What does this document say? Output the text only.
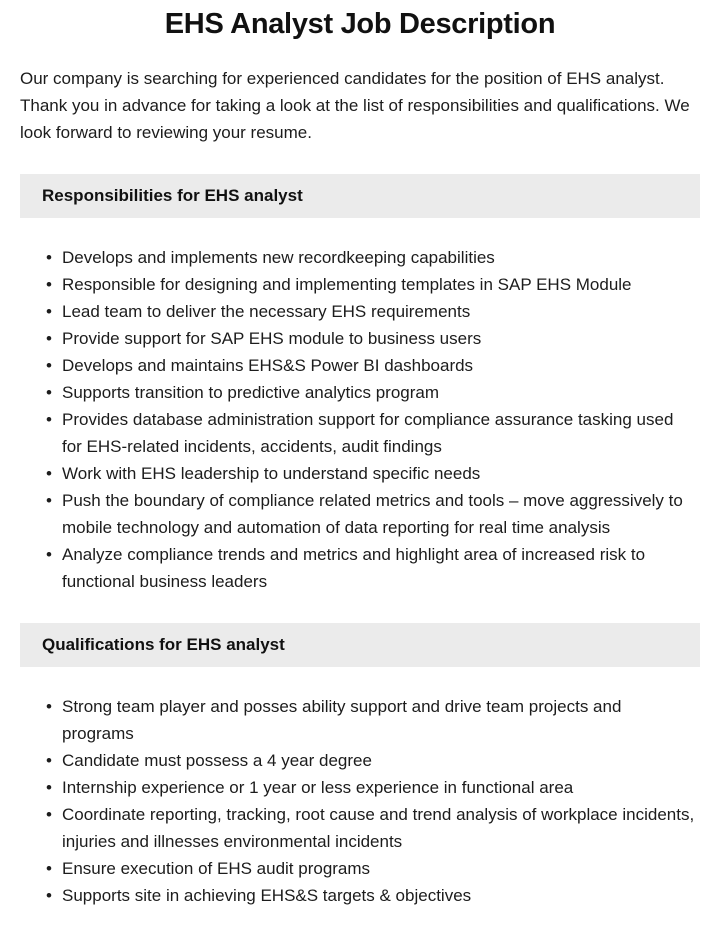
EHS Analyst Job Description

Our company is searching for experienced candidates for the position of EHS analyst. Thank you in advance for taking a look at the list of responsibilities and qualifications. We look forward to reviewing your resume.

Responsibilities for EHS analyst
• Develops and implements new recordkeeping capabilities
• Responsible for designing and implementing templates in SAP EHS Module
• Lead team to deliver the necessary EHS requirements
• Provide support for SAP EHS module to business users
• Develops and maintains EHS&S Power BI dashboards
• Supports transition to predictive analytics program
• Provides database administration support for compliance assurance tasking used for EHS-related incidents, accidents, audit findings
• Work with EHS leadership to understand specific needs
• Push the boundary of compliance related metrics and tools – move aggressively to mobile technology and automation of data reporting for real time analysis
• Analyze compliance trends and metrics and highlight area of increased risk to functional business leaders
Qualifications for EHS analyst
• Strong team player and posses ability support and drive team projects and programs
• Candidate must possess a 4 year degree
• Internship experience or 1 year or less experience in functional area
• Coordinate reporting, tracking, root cause and trend analysis of workplace incidents, injuries and illnesses environmental incidents
• Ensure execution of EHS audit programs
• Supports site in achieving EHS&S targets & objectives
